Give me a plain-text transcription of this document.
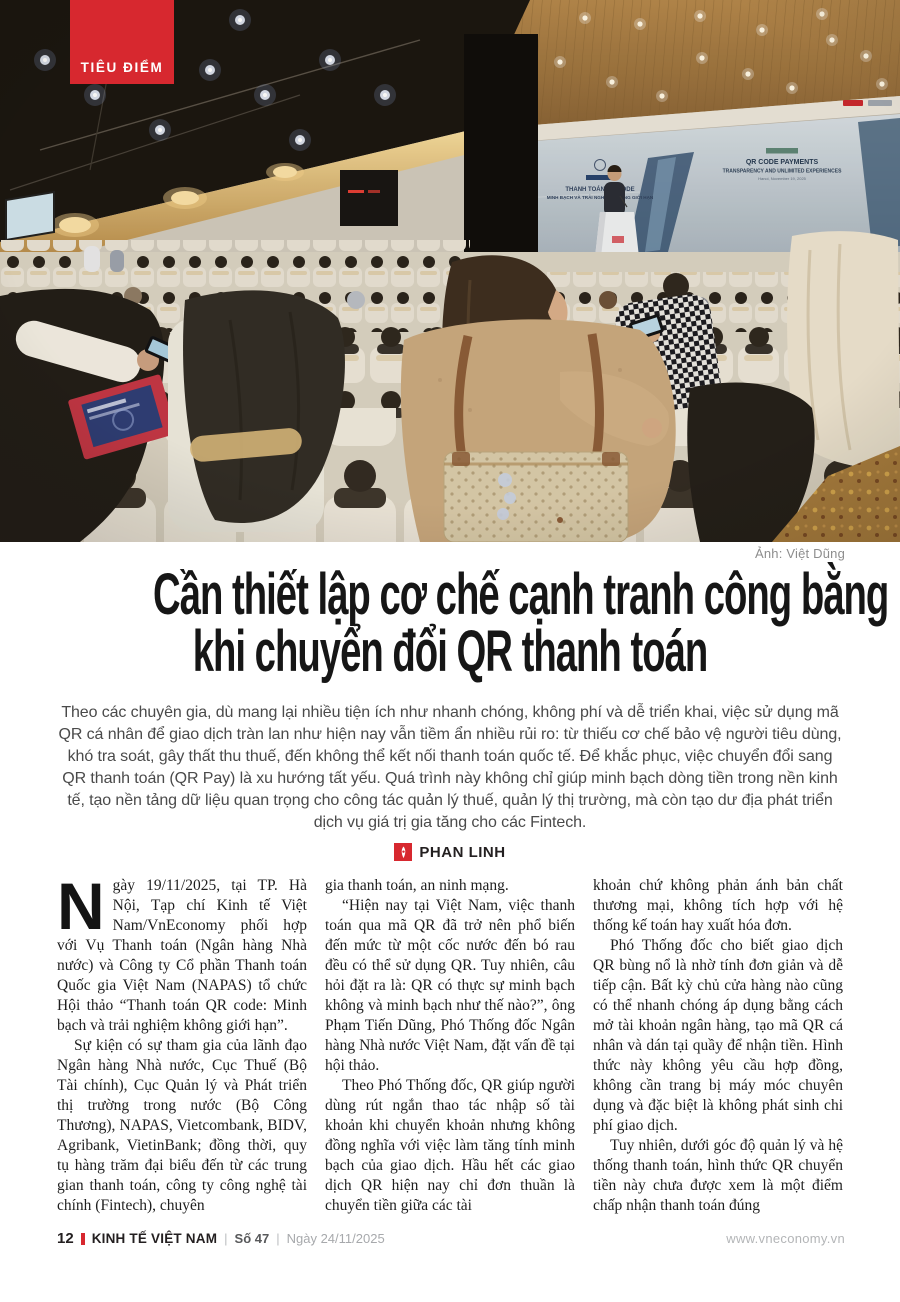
TIÊU ĐIỂM
Ảnh: Việt Dũng
Cần thiết lập cơ chế cạnh tranh công bằng
khi chuyển đổi QR thanh toán

Theo các chuyên gia, dù mang lại nhiều tiện ích như nhanh chóng, không phí và dễ triển khai, việc sử dụng mã QR cá nhân để giao dịch tràn lan như hiện nay vẫn tiềm ẩn nhiều rủi ro: từ thiếu cơ chế bảo vệ người tiêu dùng, khó tra soát, gây thất thu thuế, đến không thể kết nối thanh toán quốc tế. Để khắc phục, việc chuyển đổi sang QR thanh toán (QR Pay) là xu hướng tất yếu. Quá trình này không chỉ giúp minh bạch dòng tiền trong nền kinh tế, tạo nền tảng dữ liệu quan trọng cho công tác quản lý thuế, quản lý thị trường, mà còn tạo dư địa phát triển dịch vụ giá trị gia tăng cho các Fintech.

PHAN LINH

Ngày 19/11/2025, tại TP. Hà Nội, Tạp chí Kinh tế Việt Nam/VnEconomy phối hợp với Vụ Thanh toán (Ngân hàng Nhà nước) và Công ty Cổ phần Thanh toán Quốc gia Việt Nam (NAPAS) tổ chức Hội thảo “Thanh toán QR code: Minh bạch và trải nghiệm không giới hạn”.

Sự kiện có sự tham gia của lãnh đạo Ngân hàng Nhà nước, Cục Thuế (Bộ Tài chính), Cục Quản lý và Phát triển thị trường trong nước (Bộ Công Thương), NAPAS, Vietcombank, BIDV, Agribank, VietinBank; đồng thời, quy tụ hàng trăm đại biểu đến từ các trung gian thanh toán, công ty công nghệ tài chính (Fintech), chuyên

gia thanh toán, an ninh mạng.

“Hiện nay tại Việt Nam, việc thanh toán qua mã QR đã trở nên phổ biến đến mức từ một cốc nước đến bó rau đều có thể sử dụng QR. Tuy nhiên, câu hỏi đặt ra là: QR có thực sự minh bạch không và minh bạch như thế nào?”, ông Phạm Tiến Dũng, Phó Thống đốc Ngân hàng Nhà nước Việt Nam, đặt vấn đề tại hội thảo.

Theo Phó Thống đốc, QR giúp người dùng rút ngắn thao tác nhập số tài khoản khi chuyển khoản nhưng không đồng nghĩa với việc làm tăng tính minh bạch của giao dịch. Hầu hết các giao dịch QR hiện nay chỉ đơn thuần là chuyển tiền giữa các tài

khoản chứ không phản ánh bản chất thương mại, không tích hợp với hệ thống kế toán hay xuất hóa đơn.

Phó Thống đốc cho biết giao dịch QR bùng nổ là nhờ tính đơn giản và dễ tiếp cận. Bất kỳ chủ cửa hàng nào cũng có thể nhanh chóng áp dụng bằng cách mở tài khoản ngân hàng, tạo mã QR cá nhân và dán tại quầy để nhận tiền. Hình thức này không yêu cầu hợp đồng, không cần trang bị máy móc chuyên dụng và đặc biệt là không phát sinh chi phí giao dịch.

Tuy nhiên, dưới góc độ quản lý và hệ thống thanh toán, hình thức QR chuyển tiền này chưa được xem là một điểm chấp nhận thanh toán đúng

12 KINH TẾ VIỆT NAM | Số 47 | Ngày 24/11/2025	www.vneconomy.vn
